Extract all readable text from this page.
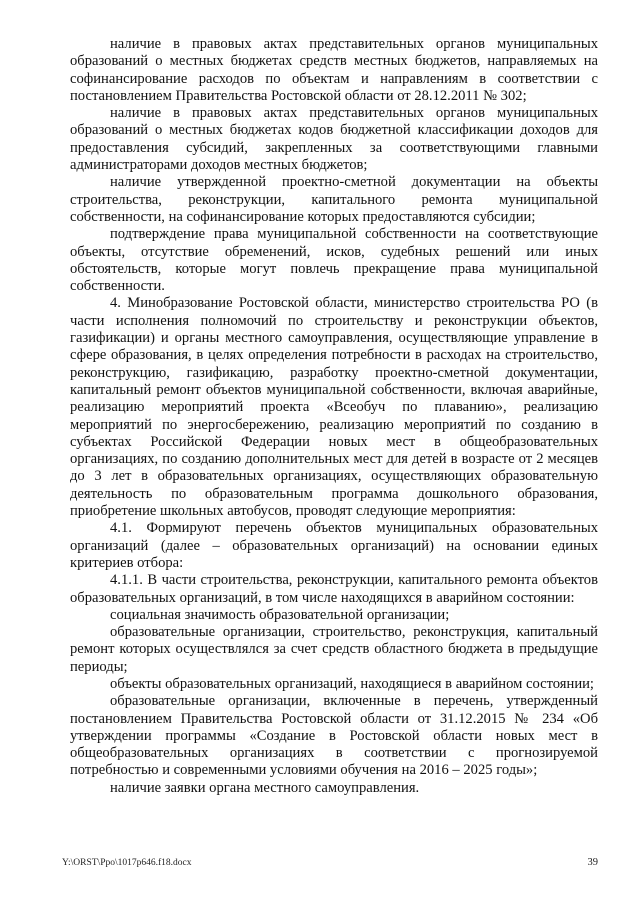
наличие в правовых актах представительных органов муниципальных образований о местных бюджетах средств местных бюджетов, направляемых на софинансирование расходов по объектам и направлениям в соответствии с постановлением Правительства Ростовской области от 28.12.2011 № 302;

наличие в правовых актах представительных органов муниципальных образований о местных бюджетах кодов бюджетной классификации доходов для предоставления субсидий, закрепленных за соответствующими главными администраторами доходов местных бюджетов;

наличие утвержденной проектно-сметной документации на объекты строительства, реконструкции, капитального ремонта муниципальной собственности, на софинансирование которых предоставляются субсидии;

подтверждение права муниципальной собственности на соответствующие объекты, отсутствие обременений, исков, судебных решений или иных обстоятельств, которые могут повлечь прекращение права муниципальной собственности.

4. Минобразование Ростовской области, министерство строительства РО (в части исполнения полномочий по строительству и реконструкции объектов, газификации) и органы местного самоуправления, осуществляющие управление в сфере образования, в целях определения потребности в расходах на строительство, реконструкцию, газификацию, разработку проектно-сметной документации, капитальный ремонт объектов муниципальной собственности, включая аварийные, реализацию мероприятий проекта «Всеобуч по плаванию», реализацию мероприятий по энергосбережению, реализацию мероприятий по созданию в субъектах Российской Федерации новых мест в общеобразовательных организациях, по созданию дополнительных мест для детей в возрасте от 2 месяцев до 3 лет в образовательных организациях, осуществляющих образовательную деятельность по образовательным программа дошкольного образования, приобретение школьных автобусов, проводят следующие мероприятия:

4.1. Формируют перечень объектов муниципальных образовательных организаций (далее – образовательных организаций) на основании единых критериев отбора:

4.1.1. В части строительства, реконструкции, капитального ремонта объектов образовательных организаций, в том числе находящихся в аварийном состоянии:

социальная значимость образовательной организации;

образовательные организации, строительство, реконструкция, капитальный ремонт которых осуществлялся за счет средств областного бюджета в предыдущие периоды;

объекты образовательных организаций, находящиеся в аварийном состоянии;

образовательные организации, включенные в перечень, утвержденный постановлением Правительства Ростовской области от 31.12.2015 № 234 «Об утверждении программы «Создание в Ростовской области новых мест в общеобразовательных организациях в соответствии с прогнозируемой потребностью и современными условиями обучения на 2016 – 2025 годы»;

наличие заявки органа местного самоуправления.

Y:\ORST\Ppo\1017p646.f18.docx	39
